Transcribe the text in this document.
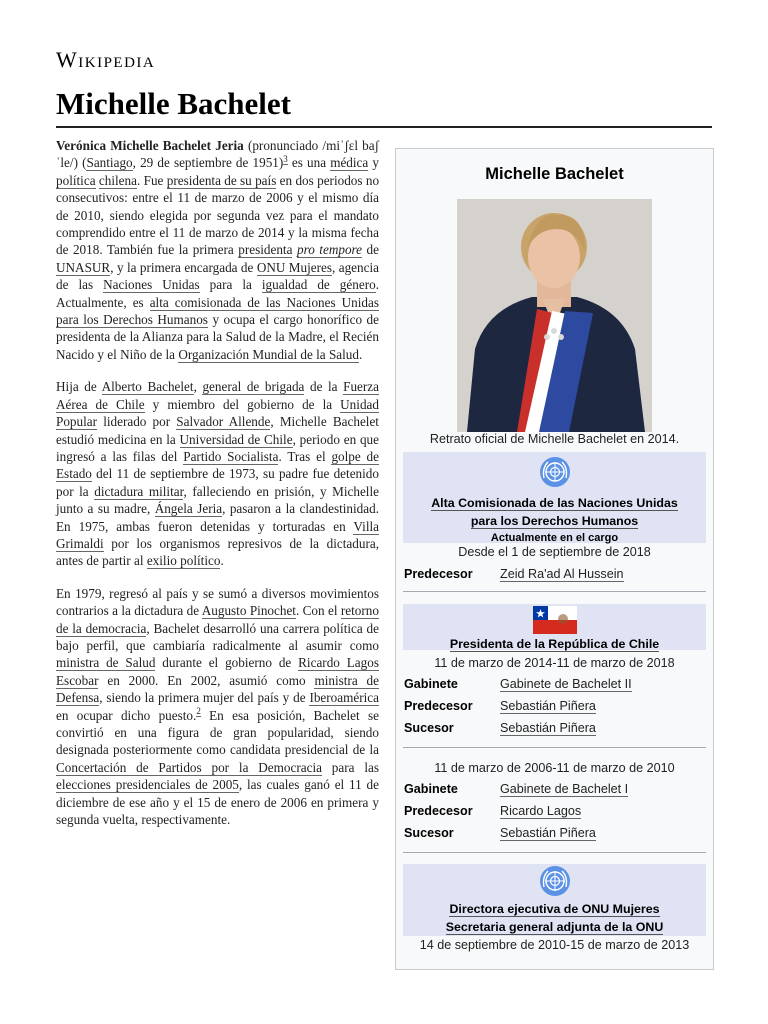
Wikipedia
Michelle Bachelet

Verónica Michelle Bachelet Jeria (pronunciado /miˈʃɛl baʃˈle/) (Santiago, 29 de septiembre de 1951)$^3$ es una médica y política chilena. Fue presidenta de su país en dos periodos no consecutivos: entre el 11 de marzo de 2006 y el mismo día de 2010, siendo elegida por segunda vez para el mandato comprendido entre el 11 de marzo de 2014 y la misma fecha de 2018. También fue la primera presidenta pro tempore de UNASUR, y la primera encargada de ONU Mujeres, agencia de las Naciones Unidas para la igualdad de género. Actualmente, es alta comisionada de las Naciones Unidas para los Derechos Humanos y ocupa el cargo honorífico de presidenta de la Alianza para la Salud de la Madre, el Recién Nacido y el Niño de la Organización Mundial de la Salud.

Hija de Alberto Bachelet, general de brigada de la Fuerza Aérea de Chile y miembro del gobierno de la Unidad Popular liderado por Salvador Allende, Michelle Bachelet estudió medicina en la Universidad de Chile, periodo en que ingresó a las filas del Partido Socialista. Tras el golpe de Estado del 11 de septiembre de 1973, su padre fue detenido por la dictadura militar, falleciendo en prisión, y Michelle junto a su madre, Ángela Jeria, pasaron a la clandestinidad. En 1975, ambas fueron detenidas y torturadas en Villa Grimaldi por los organismos represivos de la dictadura, antes de partir al exilio político.

En 1979, regresó al país y se sumó a diversos movimientos contrarios a la dictadura de Augusto Pinochet. Con el retorno de la democracia, Bachelet desarrolló una carrera política de bajo perfil, que cambiaría radicalmente al asumir como ministra de Salud durante el gobierno de Ricardo Lagos Escobar en 2000. En 2002, asumió como ministra de Defensa, siendo la primera mujer del país y de Iberoamérica en ocupar dicho puesto.$^2$ En esa posición, Bachelet se convirtió en una figura de gran popularidad, siendo designada posteriormente como candidata presidencial de la Concertación de Partidos por la Democracia para las elecciones presidenciales de 2005, las cuales ganó el 11 de diciembre de ese año y el 15 de enero de 2006 en primera y segunda vuelta, respectivamente.

Michelle Bachelet
Retrato oficial de Michelle Bachelet en 2014.
Alta Comisionada de las Naciones Unidas
para los Derechos Humanos
Actualmente en el cargo
Desde el 1 de septiembre de 2018
Predecesor Zeid Ra'ad Al Hussein
Presidenta de la República de Chile
11 de marzo de 2014-11 de marzo de 2018
Gabinete	Gabinete de Bachelet II
Predecesor Sebastián Piñera
Sucesor	Sebastián Piñera
11 de marzo de 2006-11 de marzo de 2010
Gabinete	Gabinete de Bachelet I
Predecesor Ricardo Lagos
Sucesor	Sebastián Piñera
Directora ejecutiva de ONU Mujeres
Secretaria general adjunta de la ONU
14 de septiembre de 2010-15 de marzo de 2013
